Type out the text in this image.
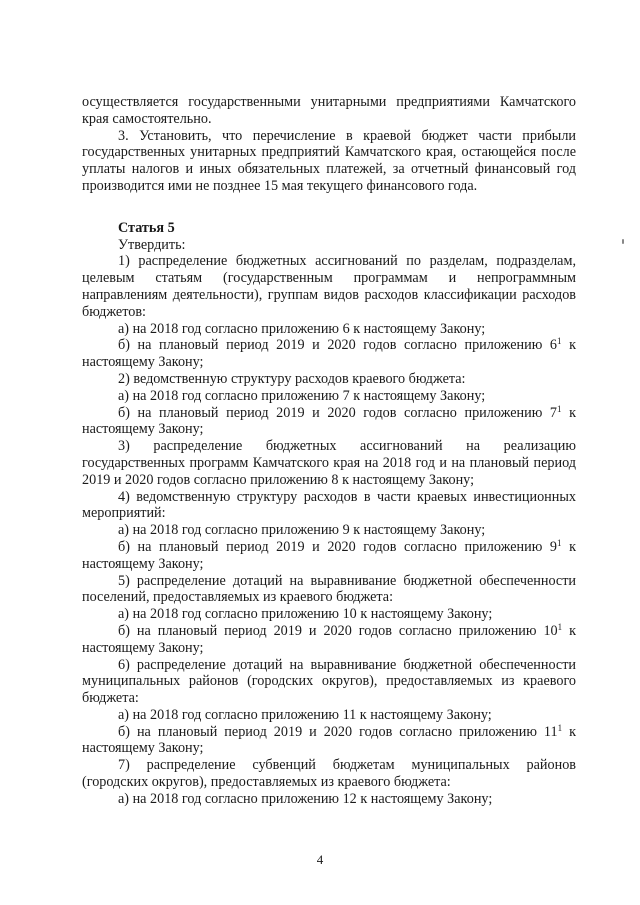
осуществляется государственными унитарными предприятиями Камчатского края самостоятельно.

3. Установить, что перечисление в краевой бюджет части прибыли государственных унитарных предприятий Камчатского края, остающейся после уплаты налогов и иных обязательных платежей, за отчетный финансовый год производится ими не позднее 15 мая текущего финансового года.

Статья 5

Утвердить:

1) распределение бюджетных ассигнований по разделам, подразделам, целевым статьям (государственным программам и непрограммным направлениям деятельности), группам видов расходов классификации расходов бюджетов:

а) на 2018 год согласно приложению 6 к настоящему Закону;

б) на плановый период 2019 и 2020 годов согласно приложению $6^1$ к настоящему Закону;

2) ведомственную структуру расходов краевого бюджета:

а) на 2018 год согласно приложению 7 к настоящему Закону;

б) на плановый период 2019 и 2020 годов согласно приложению $7^1$ к настоящему Закону;

3) распределение бюджетных ассигнований на реализацию государственных программ Камчатского края на 2018 год и на плановый период 2019 и 2020 годов согласно приложению 8 к настоящему Закону;

4) ведомственную структуру расходов в части краевых инвестиционных мероприятий:

а) на 2018 год согласно приложению 9 к настоящему Закону;

б) на плановый период 2019 и 2020 годов согласно приложению $9^1$ к настоящему Закону;

5) распределение дотаций на выравнивание бюджетной обеспеченности поселений, предоставляемых из краевого бюджета:

а) на 2018 год согласно приложению 10 к настоящему Закону;

б) на плановый период 2019 и 2020 годов согласно приложению $10^1$ к настоящему Закону;

6) распределение дотаций на выравнивание бюджетной обеспеченности муниципальных районов (городских округов), предоставляемых из краевого бюджета:

а) на 2018 год согласно приложению 11 к настоящему Закону;

б) на плановый период 2019 и 2020 годов согласно приложению $11^1$ к настоящему Закону;

7) распределение субвенций бюджетам муниципальных районов (городских округов), предоставляемых из краевого бюджета:

а) на 2018 год согласно приложению 12 к настоящему Закону;

4
